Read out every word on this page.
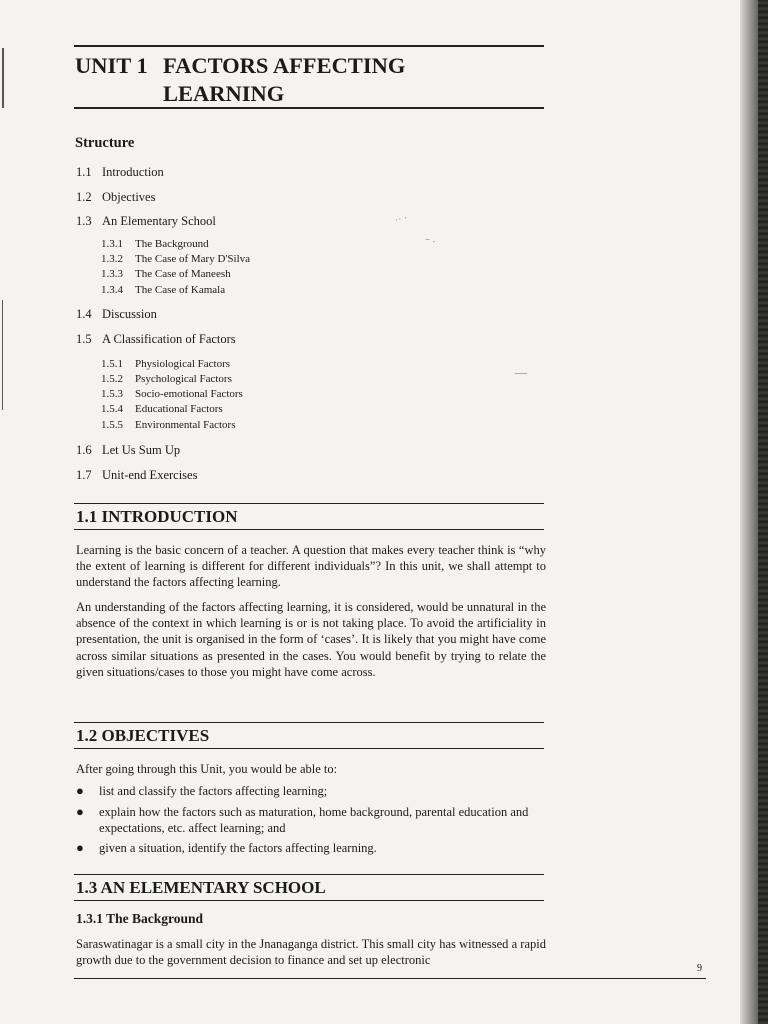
UNIT 1 FACTORS AFFECTING
LEARNING
Structure
1.1 Introduction
1.2 Objectives
1.3 An Elementary School
1.3.1 The Background
1.3.2 The Case of Mary D'Silva
1.3.3 The Case of Maneesh
1.3.4 The Case of Kamala
1.4 Discussion
1.5 A Classification of Factors
1.5.1 Physiological Factors
1.5.2 Psychological Factors
1.5.3 Socio-emotional Factors
1.5.4 Educational Factors
1.5.5 Environmental Factors
1.6 Let Us Sum Up
1.7 Unit-end Exercises
·· ·
⁻ ∙
1.1 INTRODUCTION
Learning is the basic concern of a teacher. A question that makes every teacher think is “why the extent of learning is different for different individuals”? In this unit, we shall attempt to understand the factors affecting learning.
An understanding of the factors affecting learning, it is considered, would be unnatural in the absence of the context in which learning is or is not taking place. To avoid the artificiality in presentation, the unit is organised in the form of ‘cases’. It is likely that you might have come across similar situations as presented in the cases. You would benefit by trying to relate the given situations/cases to those you might have come across.
1.2 OBJECTIVES
After going through this Unit, you would be able to:
● list and classify the factors affecting learning;
● explain how the factors such as maturation, home background, parental education and expectations, etc. affect learning; and
● given a situation, identify the factors affecting learning.
1.3 AN ELEMENTARY SCHOOL
1.3.1 The Background
Saraswatinagar is a small city in the Jnanaganga district. This small city has witnessed a rapid growth due to the government decision to finance and set up electronic
9
